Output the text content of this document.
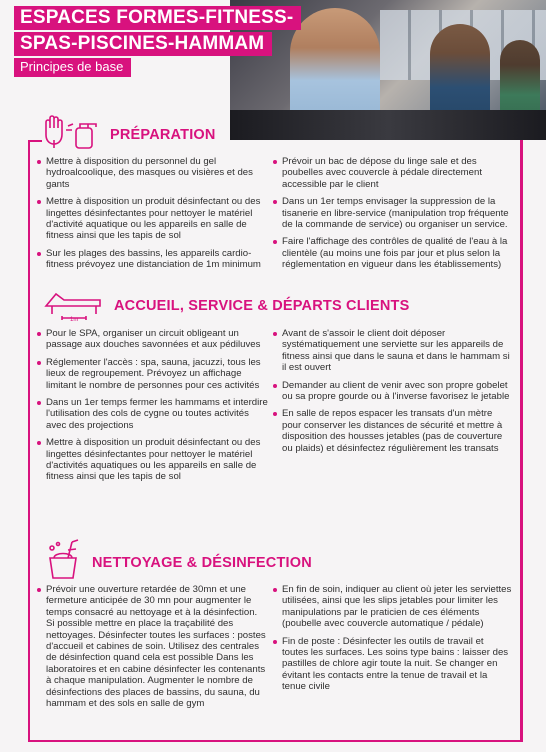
ESPACES FORMES-FITNESS-
SPAS-PISCINES-HAMMAM
Principes de base
PRÉPARATION
Mettre à disposition du personnel du gel hydroalcoolique, des masques ou visières et des gants
Mettre à disposition un produit désinfectant ou des lingettes désinfectantes pour nettoyer le matériel d'activité aquatique ou les appareils en salle de fitness ainsi que les tapis de sol
Sur les plages des bassins, les appareils cardio-fitness prévoyez une distanciation de 1m minimum
Prévoir un bac de dépose du linge sale et des poubelles avec couvercle à pédale directement accessible par le client
Dans un 1er temps envisager la suppression de la tisanerie en libre-service (manipulation trop fréquente de la commande de service) ou organiser un service.
Faire l'affichage des contrôles de qualité de l'eau à la clientèle (au moins une fois par jour et plus selon la réglementation en vigueur dans les établissements)
1m
ACCUEIL, SERVICE & DÉPARTS CLIENTS
Pour le SPA, organiser un circuit obligeant un passage aux douches savonnées et aux pédiluves
Réglementer l'accès : spa, sauna, jacuzzi, tous les lieux de regroupement. Prévoyez un affichage limitant le nombre de personnes pour ces activités
Dans un 1er temps fermer les hammams et interdire l'utilisation des cols de cygne ou toutes activités avec des projections
Mettre à disposition un produit désinfectant ou des lingettes désinfectantes pour nettoyer le matériel d'activités aquatiques ou les appareils en salle de fitness ainsi que les tapis de sol
Avant de s'assoir le client doit déposer systématiquement une serviette sur les appareils de fitness ainsi que dans le sauna et dans le hammam si il est ouvert
Demander au client de venir avec son propre gobelet ou sa propre gourde ou à l'inverse favorisez le jetable
En salle de repos espacer les transats d'un mètre pour conserver les distances de sécurité et mettre à disposition des housses jetables (pas de couverture ou plaids) et désinfectez régulièrement les transats
NETTOYAGE & DÉSINFECTION
Prévoir une ouverture retardée de 30mn et une fermeture anticipée de 30 mn pour augmenter le temps consacré au nettoyage et à la désinfection. Si possible mettre en place la traçabilité des nettoyages. Désinfecter toutes les surfaces : postes d'accueil et cabines de soin. Utilisez des centrales de désinfection quand cela est possible Dans les laboratoires et en cabine désinfecter les contenants à chaque manipulation. Augmenter le nombre de désinfections des places de bassins, du sauna, du hammam et des sols en salle de gym
En fin de soin, indiquer au client où jeter les serviettes utilisées, ainsi que les slips jetables pour limiter les manipulations par le praticien de ces éléments (poubelle avec couvercle automatique / pédale)
Fin de poste : Désinfecter les outils de travail et toutes les surfaces. Les soins type bains : laisser des pastilles de chlore agir toute la nuit. Se changer en évitant les contacts entre la tenue de travail et la tenue civile
